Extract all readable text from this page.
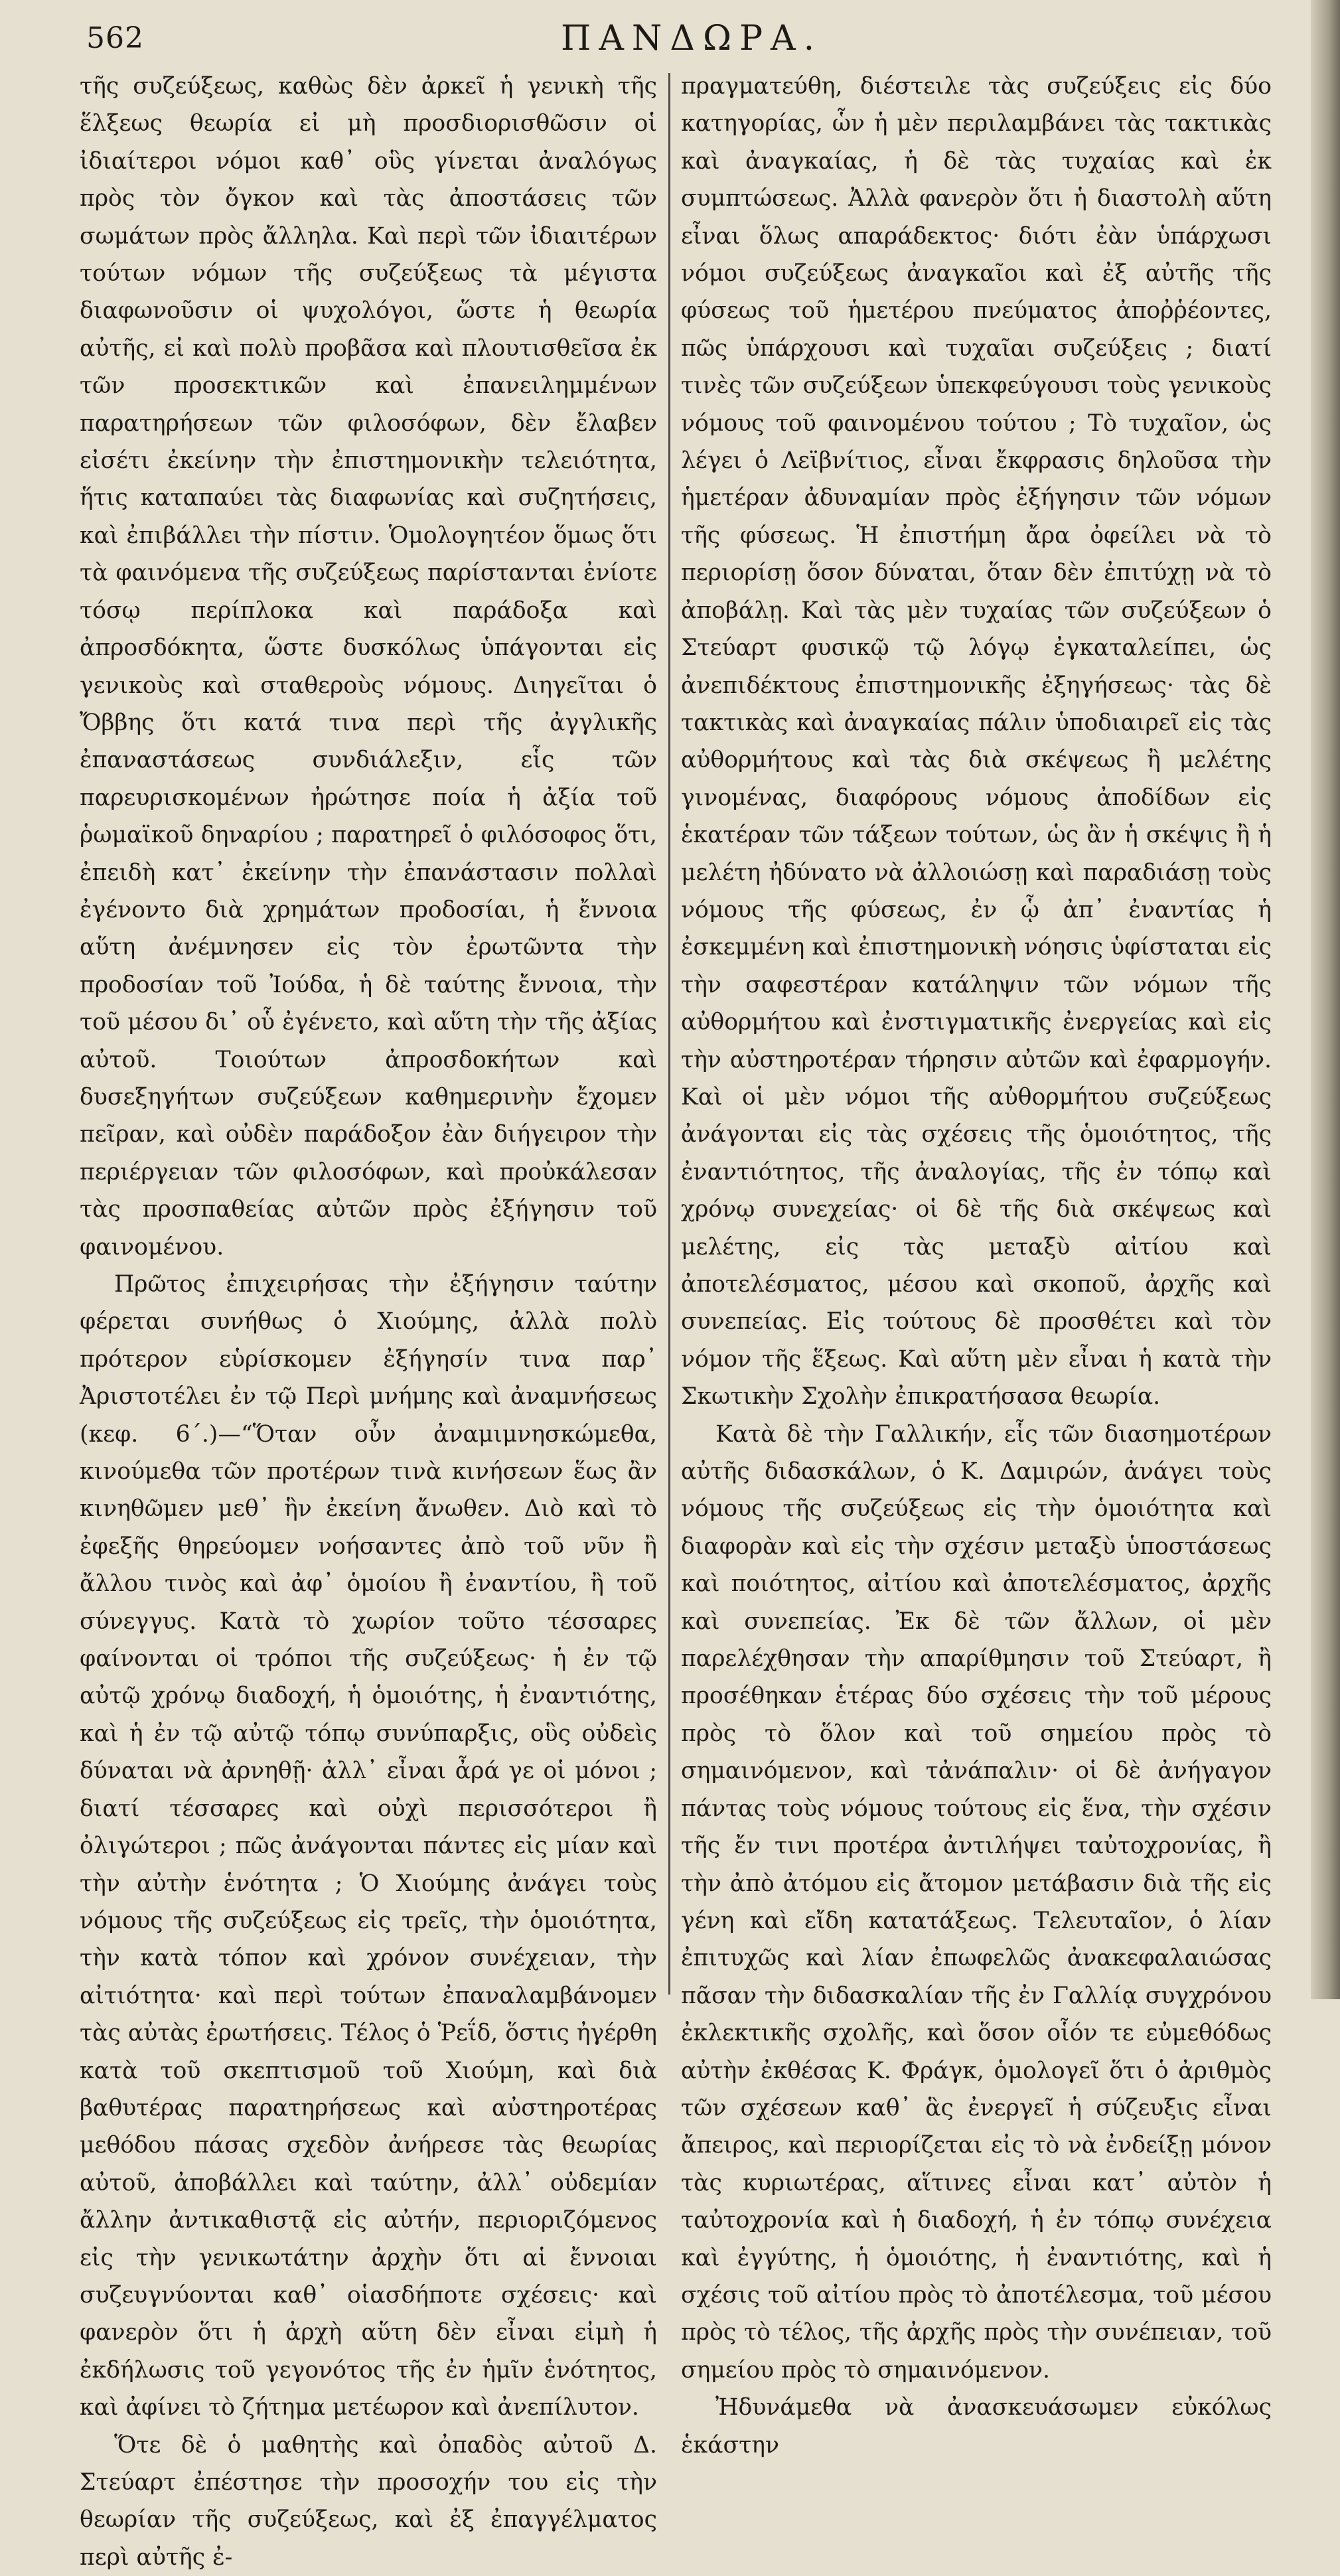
562	ΠΑΝΔΩΡΑ.

τῆς συζεύξεως, καθὼς δὲν ἀρκεῖ ἡ γενικὴ τῆς ἕλξεως θεωρία εἰ μὴ προσδιορισθῶσιν οἱ ἰδιαίτεροι νόμοι καθ᾽ οὓς γίνεται ἀναλόγως πρὸς τὸν ὄγκον καὶ τὰς ἀποστάσεις τῶν σωμάτων πρὸς ἄλληλα. Καὶ περὶ τῶν ἰδιαιτέρων τούτων νόμων τῆς συζεύξεως τὰ μέγιστα διαφωνοῦσιν οἱ ψυχολόγοι, ὥστε ἡ θεωρία αὐτῆς, εἰ καὶ πολὺ προβᾶσα καὶ πλουτισθεῖσα ἐκ τῶν προσεκτικῶν καὶ ἐπανειλημμένων παρατηρήσεων τῶν φιλοσόφων, δὲν ἔλαβεν εἰσέτι ἐκείνην τὴν ἐπιστημονικὴν τελειότητα, ἥτις καταπαύει τὰς διαφωνίας καὶ συζητήσεις, καὶ ἐπιβάλλει τὴν πίστιν. Ὁμολογητέον ὅμως ὅτι τὰ φαινόμενα τῆς συζεύξεως παρίστανται ἐνίοτε τόσῳ περίπλοκα καὶ παράδοξα καὶ ἀπροσδόκητα, ὥστε δυσκόλως ὑπάγονται εἰς γενικοὺς καὶ σταθεροὺς νόμους. Διηγεῖται ὁ Ὄββης ὅτι κατά τινα περὶ τῆς ἀγγλικῆς ἐπαναστάσεως συνδιάλεξιν, εἷς τῶν παρευρισκομένων ἠρώτησε ποία ἡ ἀξία τοῦ ῥωμαϊκοῦ δηναρίου ; παρατηρεῖ ὁ φιλόσοφος ὅτι, ἐπειδὴ κατ᾽ ἐκείνην τὴν ἐπανάστασιν πολλαὶ ἐγένοντο διὰ χρημάτων προδοσίαι, ἡ ἔννοια αὕτη ἀνέμνησεν εἰς τὸν ἐρωτῶντα τὴν προδοσίαν τοῦ Ἰούδα, ἡ δὲ ταύτης ἔννοια, τὴν τοῦ μέσου δι᾽ οὗ ἐγένετο, καὶ αὕτη τὴν τῆς ἀξίας αὐτοῦ. Τοιούτων ἀπροσδοκήτων καὶ δυσεξηγήτων συζεύξεων καθημερινὴν ἔχομεν πεῖραν, καὶ οὐδὲν παράδοξον ἐὰν διήγειρον τὴν περιέργειαν τῶν φιλοσόφων, καὶ προὐκάλεσαν τὰς προσπαθείας αὐτῶν πρὸς ἐξήγησιν τοῦ φαινομένου.

Πρῶτος ἐπιχειρήσας τὴν ἐξήγησιν ταύτην φέρεται συνήθως ὁ Χιούμης, ἀλλὰ πολὺ πρότερον εὑρίσκομεν ἐξήγησίν τινα παρ᾽ Ἀριστοτέλει ἐν τῷ Περὶ μνήμης καὶ ἀναμνήσεως (κεφ. 6΄.)—“Ὅταν οὖν ἀναμιμνησκώμεθα, κινούμεθα τῶν προτέρων τινὰ κινήσεων ἕως ἂν κινηθῶμεν μεθ᾽ ἣν ἐκείνη ἄνωθεν. Διὸ καὶ τὸ ἐφεξῆς θηρεύομεν νοήσαντες ἀπὸ τοῦ νῦν ἢ ἄλλου τινὸς καὶ ἀφ᾽ ὁμοίου ἢ ἐναντίου, ἢ τοῦ σύνεγγυς. Κατὰ τὸ χωρίον τοῦτο τέσσαρες φαίνονται οἱ τρόποι τῆς συζεύξεως· ἡ ἐν τῷ αὐτῷ χρόνῳ διαδοχή, ἡ ὁμοιότης, ἡ ἐναντιότης, καὶ ἡ ἐν τῷ αὐτῷ τόπῳ συνύπαρξις, οὓς οὐδεὶς δύναται νὰ ἀρνηθῇ· ἀλλ᾽ εἶναι ἆρά γε οἱ μόνοι ; διατί τέσσαρες καὶ οὐχὶ περισσότεροι ἢ ὀλιγώτεροι ; πῶς ἀνάγονται πάντες εἰς μίαν καὶ τὴν αὐτὴν ἑνότητα ; Ὁ Χιούμης ἀνάγει τοὺς νόμους τῆς συζεύξεως εἰς τρεῖς, τὴν ὁμοιότητα, τὴν κατὰ τόπον καὶ χρόνον συνέχειαν, τὴν αἰτιότητα· καὶ περὶ τούτων ἐπαναλαμβάνομεν τὰς αὐτὰς ἐρωτήσεις. Τέλος ὁ Ῥεΐδ, ὅστις ἠγέρθη κατὰ τοῦ σκεπτισμοῦ τοῦ Χιούμη, καὶ διὰ βαθυτέρας παρατηρήσεως καὶ αὐστηροτέρας μεθόδου πάσας σχεδὸν ἀνήρεσε τὰς θεωρίας αὐτοῦ, ἀποβάλλει καὶ ταύτην, ἀλλ᾽ οὐδεμίαν ἄλλην ἀντικαθιστᾷ εἰς αὐτήν, περιοριζόμενος εἰς τὴν γενικωτάτην ἀρχὴν ὅτι αἱ ἔννοιαι συζευγνύονται καθ᾽ οἱασδήποτε σχέσεις· καὶ φανερὸν ὅτι ἡ ἀρχὴ αὕτη δὲν εἶναι εἰμὴ ἡ ἐκδήλωσις τοῦ γεγονότος τῆς ἐν ἡμῖν ἑνότητος, καὶ ἀφίνει τὸ ζήτημα μετέωρον καὶ ἀνεπίλυτον.

Ὅτε δὲ ὁ μαθητὴς καὶ ὀπαδὸς αὐτοῦ Δ. Στεύαρτ ἐπέστησε τὴν προσοχήν του εἰς τὴν θεωρίαν τῆς συζεύξεως, καὶ ἐξ ἐπαγγέλματος περὶ αὐτῆς ἐ-

πραγματεύθη, διέστειλε τὰς συζεύξεις εἰς δύο κατηγορίας, ὧν ἡ μὲν περιλαμβάνει τὰς τακτικὰς καὶ ἀναγκαίας, ἡ δὲ τὰς τυχαίας καὶ ἐκ συμπτώσεως. Ἀλλὰ φανερὸν ὅτι ἡ διαστολὴ αὕτη εἶναι ὅλως απαράδεκτος· διότι ἐὰν ὑπάρχωσι νόμοι συζεύξεως ἀναγκαῖοι καὶ ἐξ αὐτῆς τῆς φύσεως τοῦ ἡμετέρου πνεύματος ἀποῤῥέοντες, πῶς ὑπάρχουσι καὶ τυχαῖαι συζεύξεις ; διατί τινὲς τῶν συζεύξεων ὑπεκφεύγουσι τοὺς γενικοὺς νόμους τοῦ φαινομένου τούτου ; Τὸ τυχαῖον, ὡς λέγει ὁ Λεϊβνίτιος, εἶναι ἔκφρασις δηλοῦσα τὴν ἡμετέραν ἀδυναμίαν πρὸς ἐξήγησιν τῶν νόμων τῆς φύσεως. Ἡ ἐπιστήμη ἄρα ὀφείλει νὰ τὸ περιορίσῃ ὅσον δύναται, ὅταν δὲν ἐπιτύχῃ νὰ τὸ ἀποβάλῃ. Καὶ τὰς μὲν τυχαίας τῶν συζεύξεων ὁ Στεύαρτ φυσικῷ τῷ λόγῳ ἐγκαταλείπει, ὡς ἀνεπιδέκτους ἐπιστημονικῆς ἐξηγήσεως· τὰς δὲ τακτικὰς καὶ ἀναγκαίας πάλιν ὑποδιαιρεῖ εἰς τὰς αὐθορμήτους καὶ τὰς διὰ σκέψεως ἢ μελέτης γινομένας, διαφόρους νόμους ἀποδίδων εἰς ἑκατέραν τῶν τάξεων τούτων, ὡς ἂν ἡ σκέψις ἢ ἡ μελέτη ἠδύνατο νὰ ἀλλοιώσῃ καὶ παραδιάσῃ τοὺς νόμους τῆς φύσεως, ἐν ᾧ ἀπ᾽ ἐναντίας ἡ ἐσκεμμένη καὶ ἐπιστημονικὴ νόησις ὑφίσταται εἰς τὴν σαφεστέραν κατάληψιν τῶν νόμων τῆς αὐθορμήτου καὶ ἐνστιγματικῆς ἐνεργείας καὶ εἰς τὴν αὐστηροτέραν τήρησιν αὐτῶν καὶ ἐφαρμογήν. Καὶ οἱ μὲν νόμοι τῆς αὐθορμήτου συζεύξεως ἀνάγονται εἰς τὰς σχέσεις τῆς ὁμοιότητος, τῆς ἐναντιότητος, τῆς ἀναλογίας, τῆς ἐν τόπῳ καὶ χρόνῳ συνεχείας· οἱ δὲ τῆς διὰ σκέψεως καὶ μελέτης, εἰς τὰς μεταξὺ αἰτίου καὶ ἀποτελέσματος, μέσου καὶ σκοποῦ, ἀρχῆς καὶ συνεπείας. Εἰς τούτους δὲ προσθέτει καὶ τὸν νόμον τῆς ἕξεως. Καὶ αὕτη μὲν εἶναι ἡ κατὰ τὴν Σκωτικὴν Σχολὴν ἐπικρατήσασα θεωρία.

Κατὰ δὲ τὴν Γαλλικήν, εἷς τῶν διασημοτέρων αὐτῆς διδασκάλων, ὁ Κ. Δαμιρών, ἀνάγει τοὺς νόμους τῆς συζεύξεως εἰς τὴν ὁμοιότητα καὶ διαφορὰν καὶ εἰς τὴν σχέσιν μεταξὺ ὑποστάσεως καὶ ποιότητος, αἰτίου καὶ ἀποτελέσματος, ἀρχῆς καὶ συνεπείας. Ἐκ δὲ τῶν ἄλλων, οἱ μὲν παρελέχθησαν τὴν απαρίθμησιν τοῦ Στεύαρτ, ἢ προσέθηκαν ἑτέρας δύο σχέσεις τὴν τοῦ μέρους πρὸς τὸ ὅλον καὶ τοῦ σημείου πρὸς τὸ σημαινόμενον, καὶ τἀνάπαλιν· οἱ δὲ ἀνήγαγον πάντας τοὺς νόμους τούτους εἰς ἕνα, τὴν σχέσιν τῆς ἔν τινι προτέρα ἀντιλήψει ταὐτοχρονίας, ἢ τὴν ἀπὸ ἀτόμου εἰς ἄτομον μετάβασιν διὰ τῆς εἰς γένη καὶ εἴδη κατατάξεως. Τελευταῖον, ὁ λίαν ἐπιτυχῶς καὶ λίαν ἐπωφελῶς ἀνακεφαλαιώσας πᾶσαν τὴν διδασκαλίαν τῆς ἐν Γαλλίᾳ συγχρόνου ἐκλεκτικῆς σχολῆς, καὶ ὅσον οἷόν τε εὐμεθόδως αὐτὴν ἐκθέσας Κ. Φράγκ, ὁμολογεῖ ὅτι ὁ ἀριθμὸς τῶν σχέσεων καθ᾽ ἃς ἐνεργεῖ ἡ σύζευξις εἶναι ἄπειρος, καὶ περιορίζεται εἰς τὸ νὰ ἐνδείξῃ μόνον τὰς κυριωτέρας, αἵτινες εἶναι κατ᾽ αὐτὸν ἡ ταὐτοχρονία καὶ ἡ διαδοχή, ἡ ἐν τόπῳ συνέχεια καὶ ἐγγύτης, ἡ ὁμοιότης, ἡ ἐναντιότης, καὶ ἡ σχέσις τοῦ αἰτίου πρὸς τὸ ἀποτέλεσμα, τοῦ μέσου πρὸς τὸ τέλος, τῆς ἀρχῆς πρὸς τὴν συνέπειαν, τοῦ σημείου πρὸς τὸ σημαινόμενον.

Ἠδυνάμεθα νὰ ἀνασκευάσωμεν εὐκόλως ἑκάστην
